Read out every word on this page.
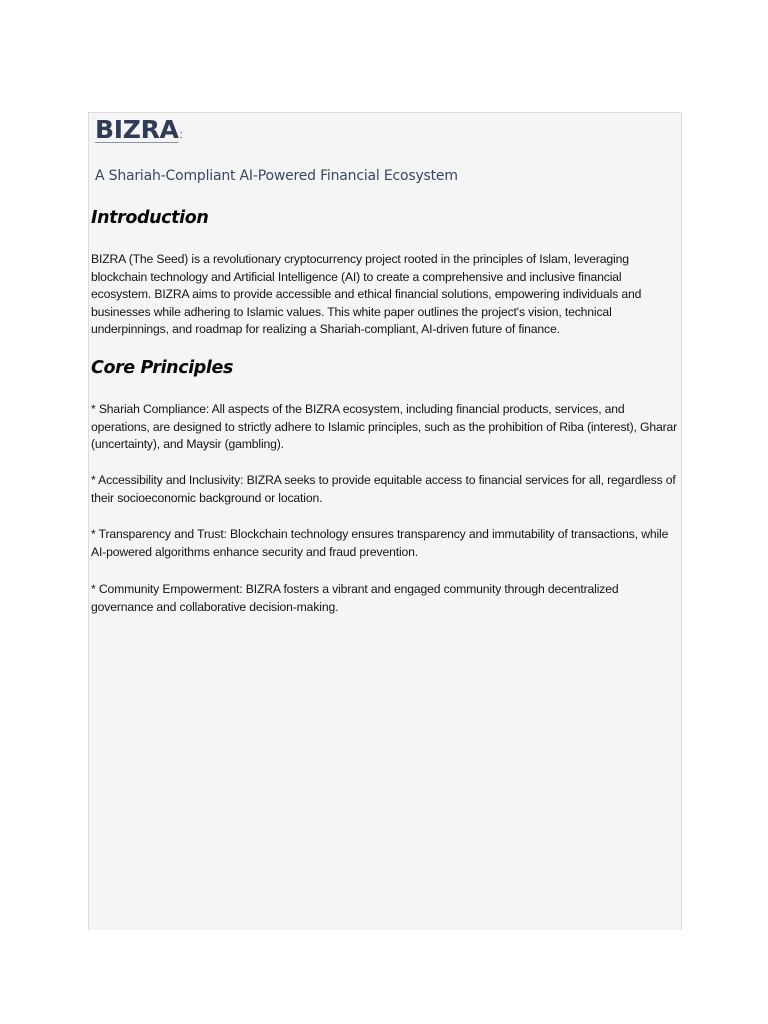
BIZRA:
A Shariah-Compliant AI-Powered Financial Ecosystem
Introduction
BIZRA (The Seed) is a revolutionary cryptocurrency project rooted in the principles of Islam, leveraging blockchain technology and Artificial Intelligence (AI) to create a comprehensive and inclusive financial ecosystem. BIZRA aims to provide accessible and ethical financial solutions, empowering individuals and businesses while adhering to Islamic values. This white paper outlines the project's vision, technical underpinnings, and roadmap for realizing a Shariah-compliant, AI-driven future of finance.
Core Principles
* Shariah Compliance: All aspects of the BIZRA ecosystem, including financial products, services, and operations, are designed to strictly adhere to Islamic principles, such as the prohibition of Riba (interest), Gharar (uncertainty), and Maysir (gambling).
* Accessibility and Inclusivity: BIZRA seeks to provide equitable access to financial services for all, regardless of their socioeconomic background or location.
* Transparency and Trust: Blockchain technology ensures transparency and immutability of transactions, while AI-powered algorithms enhance security and fraud prevention.
* Community Empowerment: BIZRA fosters a vibrant and engaged community through decentralized governance and collaborative decision-making.
